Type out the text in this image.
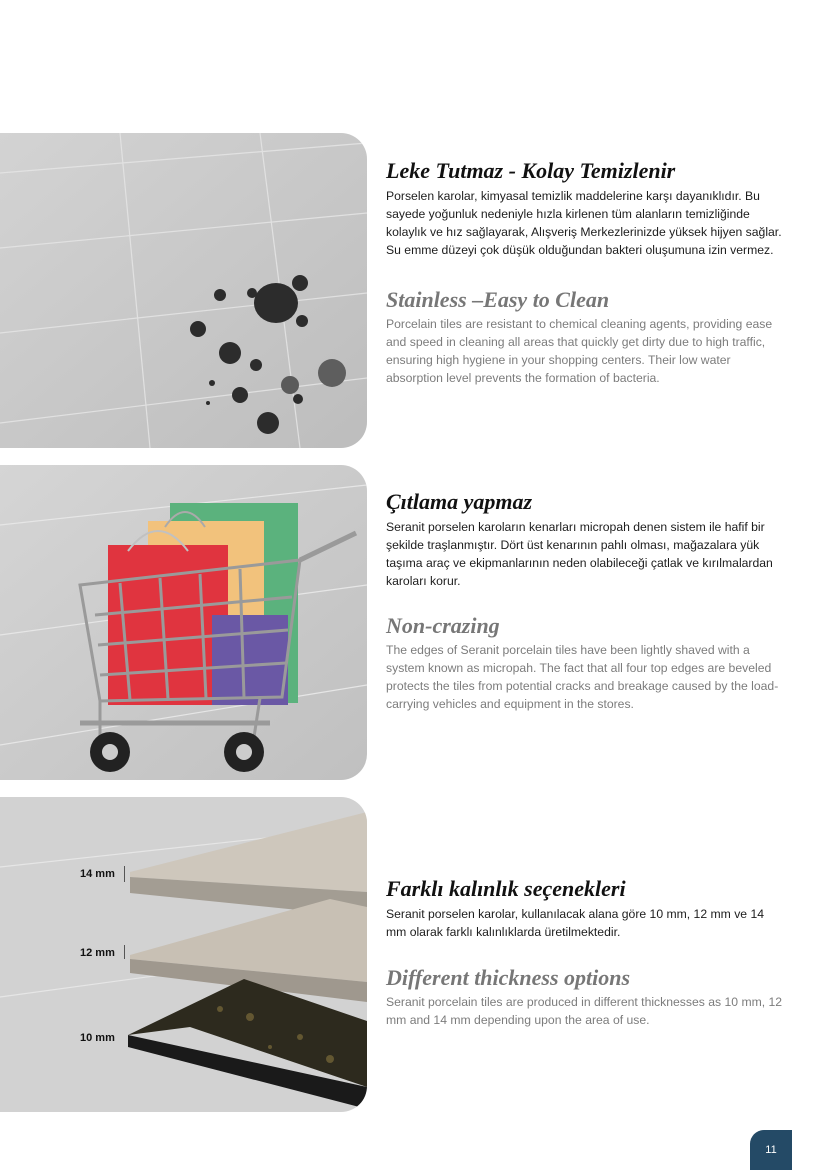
14 mm
12 mm
10 mm
Leke Tutmaz - Kolay Temizlenir

Porselen karolar, kimyasal temizlik maddelerine karşı dayanıklıdır. Bu sayede yoğunluk nedeniyle hızla kirlenen tüm alanların temizliğinde kolaylık ve hız sağlayarak, Alışveriş Merkezlerinizde yüksek hijyen sağlar. Su emme düzeyi çok düşük olduğundan bakteri oluşumuna izin vermez.

Stainless –Easy to Clean

Porcelain tiles are resistant to chemical cleaning agents, providing ease and speed in cleaning all areas that quickly get dirty due to high traffic, ensuring high hygiene in your shopping centers. Their low water absorption level prevents the formation of bacteria.

Çıtlama yapmaz

Seranit porselen karoların kenarları micropah denen sistem ile hafif bir şekilde traşlanmıştır. Dört üst kenarının pahlı olması, mağazalara yük taşıma araç ve ekipmanlarının neden olabileceği çatlak ve kırılmalardan karoları korur.

Non-crazing

The edges of Seranit porcelain tiles have been lightly shaved with a system known as micropah. The fact that all four top edges are beveled protects the tiles from potential cracks and breakage caused by the load-carrying vehicles and equipment in the stores.

Farklı kalınlık seçenekleri

Seranit porselen karolar, kullanılacak alana göre 10 mm, 12 mm ve 14 mm olarak farklı kalınlıklarda üretilmektedir.

Different thickness options

Seranit porcelain tiles are produced in different thicknesses as 10 mm, 12 mm and 14 mm depending upon the area of use.

11
